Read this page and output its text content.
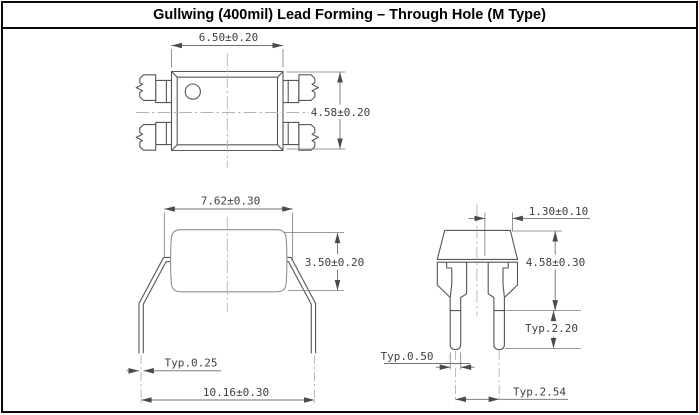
Gullwing (400mil) Lead Forming – Through Hole (M Type)
6.50±0.20
4.58±0.20
7.62±0.30
3.50±0.20
Typ.0.25
10.16±0.30
1.30±0.10
4.58±0.30
Typ.2.20
Typ.0.50
Typ.2.54
